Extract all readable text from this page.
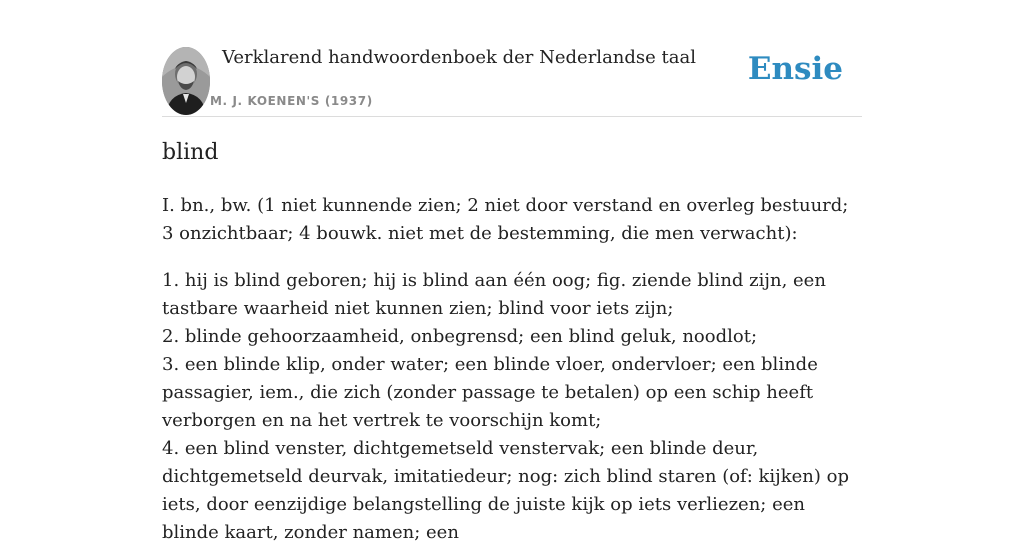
Verklarend handwoordenboek der Nederlandse taal
M. J. KOENEN'S (1937)
Ensie
blind

I. bn., bw. (1 niet kunnende zien; 2 niet door verstand en overleg bestuurd; 3 onzichtbaar; 4 bouwk. niet met de bestemming, die men verwacht):

1. hij is blind geboren; hij is blind aan één oog; fig. ziende blind zijn, een tastbare waarheid niet kunnen zien; blind voor iets zijn;

2. blinde gehoorzaamheid, onbegrensd; een blind geluk, noodlot;

3. een blinde klip, onder water; een blinde vloer, ondervloer; een blinde passagier, iem., die zich (zonder passage te betalen) op een schip heeft verborgen en na het vertrek te voorschijn komt;

4. een blind venster, dichtgemetseld venstervak; een blinde deur, dichtgemetseld deurvak, imitatiedeur; nog: zich blind staren (of: kijken) op iets, door eenzijdige belangstelling de juiste kijk op iets verliezen; een blinde kaart, zonder namen; een
